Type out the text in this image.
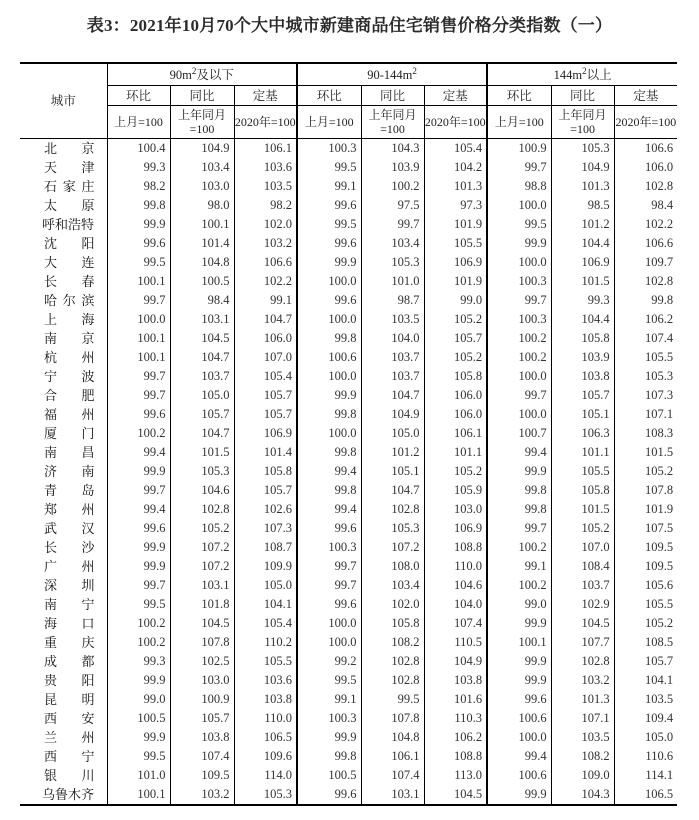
表3：2021年10月70个大中城市新建商品住宅销售价格分类指数（一）
城市	$90m^2$及以下			$90-144m^2$			$144m^2$以上		
	环比	同比	定基	环比	同比	定基	环比	同比	定基
	上月=100	上年同月=100	2020年=100	上月=100	上年同月=100	2020年=100	上月=100	上年同月=100	2020年=100
北京	100.4	104.9	106.1	100.3	104.3	105.4	100.9	105.3	106.6
天津	99.3	103.4	103.6	99.5	103.9	104.2	99.7	104.9	106.0
石家庄	98.2	103.0	103.5	99.1	100.2	101.3	98.8	101.3	102.8
太原	99.8	98.0	98.2	99.6	97.5	97.3	100.0	98.5	98.4
呼和浩特	99.9	100.1	102.0	99.5	99.7	101.9	99.5	101.2	102.2
沈阳	99.6	101.4	103.2	99.6	103.4	105.5	99.9	104.4	106.6
大连	99.5	104.8	106.6	99.9	105.3	106.9	100.0	106.9	109.7
长春	100.1	100.5	102.2	100.0	101.0	101.9	100.3	101.5	102.8
哈尔滨	99.7	98.4	99.1	99.6	98.7	99.0	99.7	99.3	99.8
上海	100.0	103.1	104.7	100.0	103.5	105.2	100.3	104.4	106.2
南京	100.1	104.5	106.0	99.8	104.0	105.7	100.2	105.8	107.4
杭州	100.1	104.7	107.0	100.6	103.7	105.2	100.2	103.9	105.5
宁波	99.7	103.7	105.4	100.0	103.7	105.8	100.0	103.8	105.3
合肥	99.7	105.0	105.7	99.9	104.7	106.0	99.7	105.7	107.3
福州	99.6	105.7	105.7	99.8	104.9	106.0	100.0	105.1	107.1
厦门	100.2	104.7	106.9	100.0	105.0	106.1	100.7	106.3	108.3
南昌	99.4	101.5	101.4	99.8	101.2	101.1	99.4	101.1	101.5
济南	99.9	105.3	105.8	99.4	105.1	105.2	99.9	105.5	105.2
青岛	99.7	104.6	105.7	99.8	104.7	105.9	99.8	105.8	107.8
郑州	99.4	102.8	102.6	99.4	102.8	103.0	99.8	101.5	101.9
武汉	99.6	105.2	107.3	99.6	105.3	106.9	99.7	105.2	107.5
长沙	99.9	107.2	108.7	100.3	107.2	108.8	100.2	107.0	109.5
广州	99.9	107.2	109.9	99.7	108.0	110.0	99.1	108.4	109.5
深圳	99.7	103.1	105.0	99.7	103.4	104.6	100.2	103.7	105.6
南宁	99.5	101.8	104.1	99.6	102.0	104.0	99.0	102.9	105.5
海口	100.2	104.5	105.4	100.0	105.8	107.4	99.9	104.5	105.2
重庆	100.2	107.8	110.2	100.0	108.2	110.5	100.1	107.7	108.5
成都	99.3	102.5	105.5	99.2	102.8	104.9	99.9	102.8	105.7
贵阳	99.9	103.0	103.6	99.5	102.8	103.8	99.9	103.2	104.1
昆明	99.0	100.9	103.8	99.1	99.5	101.6	99.6	101.3	103.5
西安	100.5	105.7	110.0	100.3	107.8	110.3	100.6	107.1	109.4
兰州	99.9	103.8	106.5	99.9	104.8	106.2	100.0	103.5	105.0
西宁	99.5	107.4	109.6	99.8	106.1	108.8	99.4	108.2	110.6
银川	101.0	109.5	114.0	100.5	107.4	113.0	100.6	109.0	114.1
乌鲁木齐	100.1	103.2	105.3	99.6	103.1	104.5	99.9	104.3	106.5
